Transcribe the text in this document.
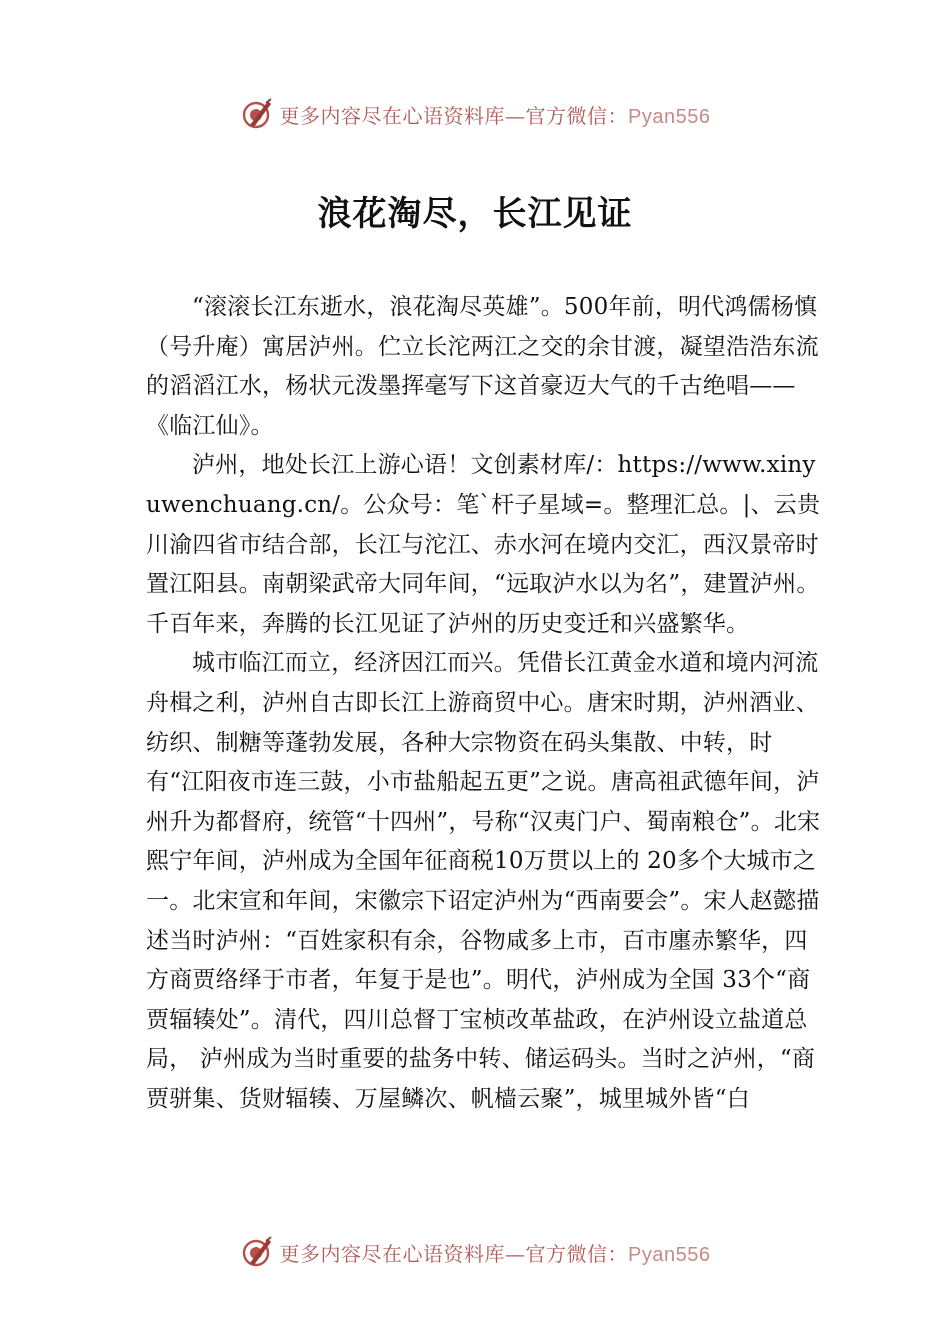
更多内容尽在心语资料库—官方微信：Pyan556
浪花淘尽，长江见证

“滚滚长江东逝水，浪花淘尽英雄”。500年前，明代鸿儒杨慎（号升庵）寓居泸州。伫立长沱两江之交的余甘渡，凝望浩浩东流的滔滔江水，杨状元泼墨挥毫写下这首豪迈大气的千古绝唱——《临江仙》。

泸州，地处长江上游心语！文创素材库/：https://www.xinyuwenchuang.cn/。公众号：笔`杆子星域=。整理汇总。|、云贵川渝四省市结合部，长江与沱江、赤水河在境内交汇，西汉景帝时置江阳县。南朝梁武帝大同年间，“远取泸水以为名”，建置泸州。千百年来，奔腾的长江见证了泸州的历史变迁和兴盛繁华。

城市临江而立，经济因江而兴。凭借长江黄金水道和境内河流舟楫之利，泸州自古即长江上游商贸中心。唐宋时期，泸州酒业、纺织、制糖等蓬勃发展，各种大宗物资在码头集散、中转，时有“江阳夜市连三鼓，小市盐船起五更”之说。唐高祖武德年间，泸州升为都督府，统管“十四州”，号称“汉夷门户、蜀南粮仓”。北宋熙宁年间，泸州成为全国年征商税10万贯以上的 20多个大城市之一。北宋宣和年间，宋徽宗下诏定泸州为“西南要会”。宋人赵懿描述当时泸州：“百姓家积有余，谷物咸多上市，百市廛赤繁华，四方商贾络绎于市者，年复于是也”。明代，泸州成为全国 33个“商贾辐辏处”。清代，四川总督丁宝桢改革盐政，在泸州设立盐道总局， 泸州成为当时重要的盐务中转、储运码头。当时之泸州，“商贾骈集、货财辐辏、万屋鳞次、帆樯云聚”，城里城外皆“白

更多内容尽在心语资料库—官方微信：Pyan556
